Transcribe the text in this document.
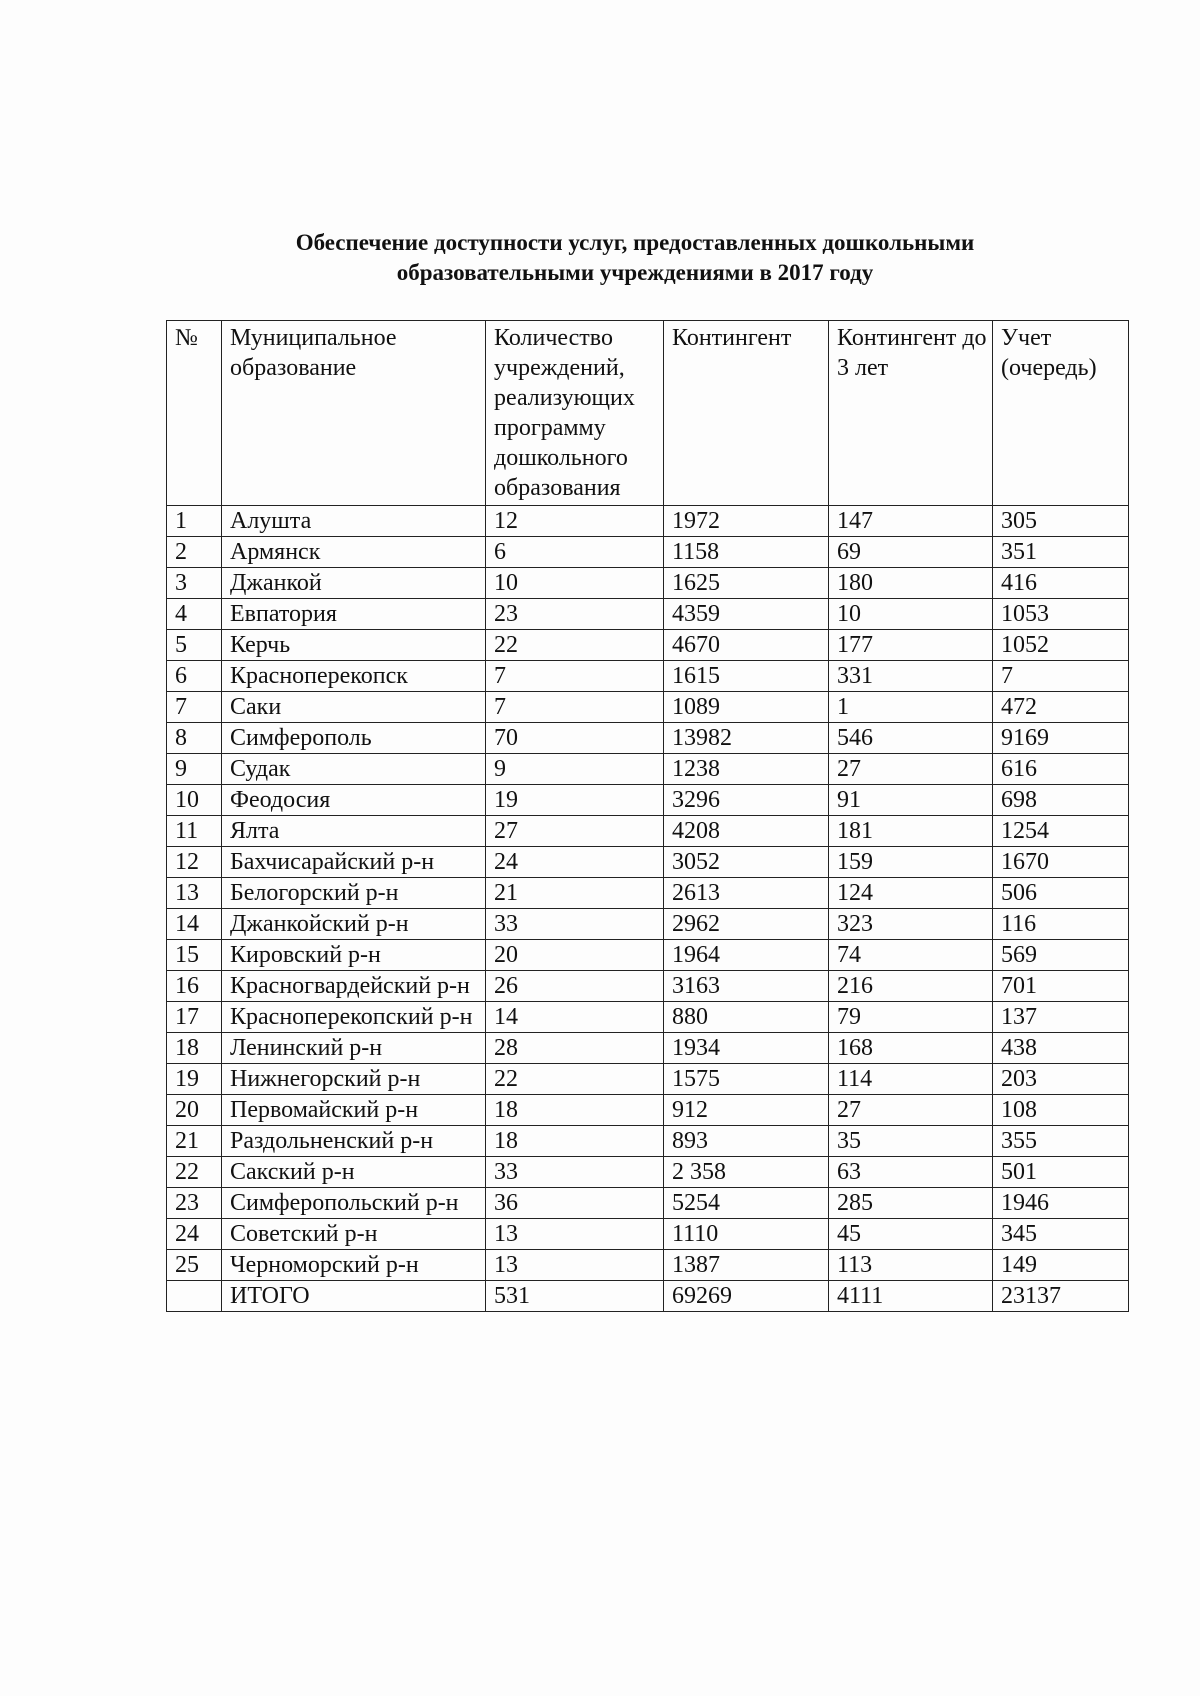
Обеспечение доступности услуг, предоставленных дошкольными
образовательными учреждениями в 2017 году
№	Муниципальное образование	Количество учреждений, реализующих программу дошкольного образования	Контингент	Контингент до 3 лет	Учет (очередь)
1	Алушта	12	1972	147	305
2	Армянск	6	1158	69	351
3	Джанкой	10	1625	180	416
4	Евпатория	23	4359	10	1053
5	Керчь	22	4670	177	1052
6	Красноперекопск	7	1615	331	7
7	Саки	7	1089	1	472
8	Симферополь	70	13982	546	9169
9	Судак	9	1238	27	616
10	Феодосия	19	3296	91	698
11	Ялта	27	4208	181	1254
12	Бахчисарайский р-н	24	3052	159	1670
13	Белогорский р-н	21	2613	124	506
14	Джанкойский р-н	33	2962	323	116
15	Кировский р-н	20	1964	74	569
16	Красногвардейский р-н	26	3163	216	701
17	Красноперекопский р-н	14	880	79	137
18	Ленинский р-н	28	1934	168	438
19	Нижнегорский р-н	22	1575	114	203
20	Первомайский р-н	18	912	27	108
21	Раздольненский р-н	18	893	35	355
22	Сакский р-н	33	2 358	63	501
23	Симферопольский р-н	36	5254	285	1946
24	Советский р-н	13	1110	45	345
25	Черноморский р-н	13	1387	113	149
	ИТОГО	531	69269	4111	23137
